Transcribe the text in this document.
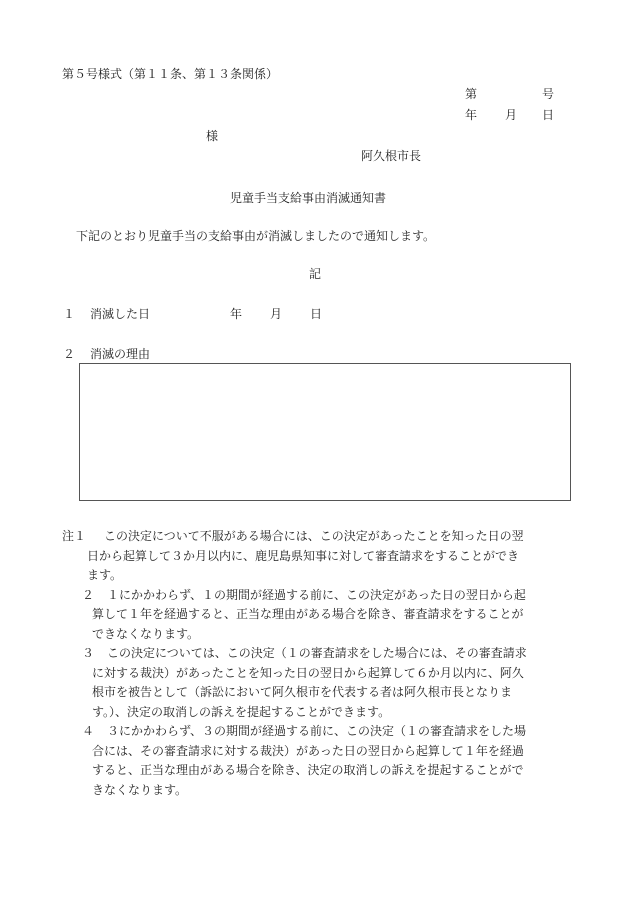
第５号様式（第１１条、第１３条関係）
第	号
年 月 日
様
阿久根市長
児童手当支給事由消滅通知書
下記のとおり児童手当の支給事由が消滅しましたので通知します。
記
１ 消滅した日	年 月 日
２ 消滅の理由
注１	この決定について不服がある場合には、この決定があったことを知った日の翌
日から起算して３か月以内に、鹿児島県知事に対して審査請求をすることができ
ます。
２	１にかかわらず、１の期間が経過する前に、この決定があった日の翌日から起
算して１年を経過すると、正当な理由がある場合を除き、審査請求をすることが
できなくなります。
３	この決定については、この決定（１の審査請求をした場合には、その審査請求
に対する裁決）があったことを知った日の翌日から起算して６か月以内に、阿久
根市を被告として（訴訟において阿久根市を代表する者は阿久根市長となりま
す。）、決定の取消しの訴えを提起することができます。
４	３にかかわらず、３の期間が経過する前に、この決定（１の審査請求をした場
合には、その審査請求に対する裁決）があった日の翌日から起算して１年を経過
すると、正当な理由がある場合を除き、決定の取消しの訴えを提起することがで
きなくなります。
